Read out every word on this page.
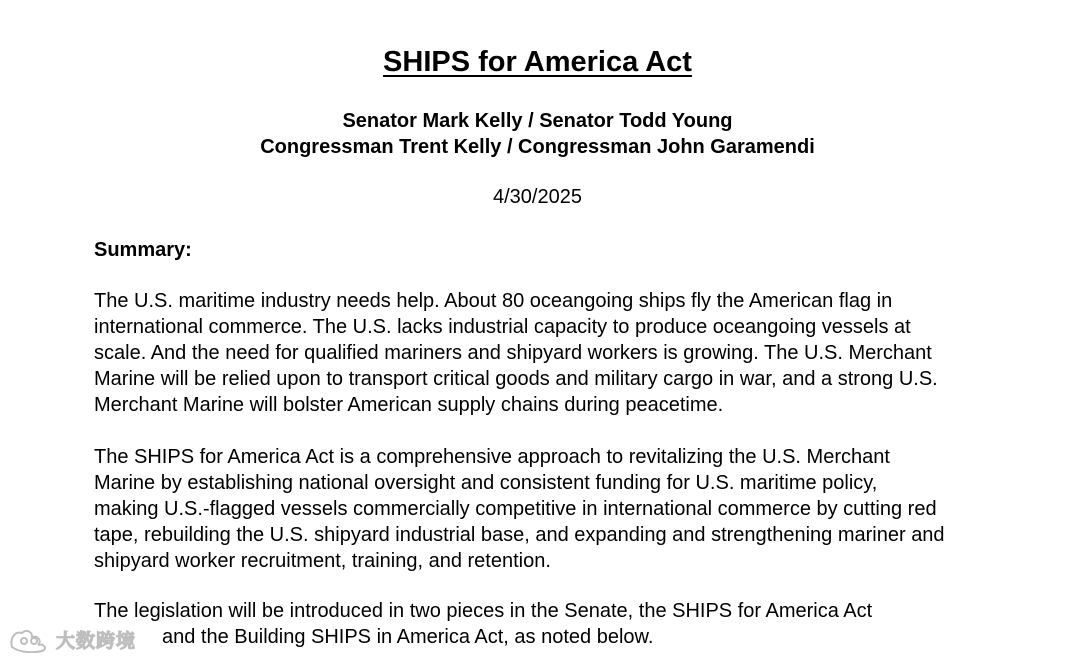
SHIPS for America Act
Senator Mark Kelly / Senator Todd Young
Congressman Trent Kelly / Congressman John Garamendi
4/30/2025
Summary:
The U.S. maritime industry needs help. About 80 oceangoing ships fly the American flag in
international commerce. The U.S. lacks industrial capacity to produce oceangoing vessels at
scale. And the need for qualified mariners and shipyard workers is growing. The U.S. Merchant
Marine will be relied upon to transport critical goods and military cargo in war, and a strong U.S.
Merchant Marine will bolster American supply chains during peacetime.
The SHIPS for America Act is a comprehensive approach to revitalizing the U.S. Merchant
Marine by establishing national oversight and consistent funding for U.S. maritime policy,
making U.S.-flagged vessels commercially competitive in international commerce by cutting red
tape, rebuilding the U.S. shipyard industrial base, and expanding and strengthening mariner and
shipyard worker recruitment, training, and retention.
The legislation will be introduced in two pieces in the Senate, the SHIPS for America Act
and the Building SHIPS in America Act, as noted below.
大数跨境
